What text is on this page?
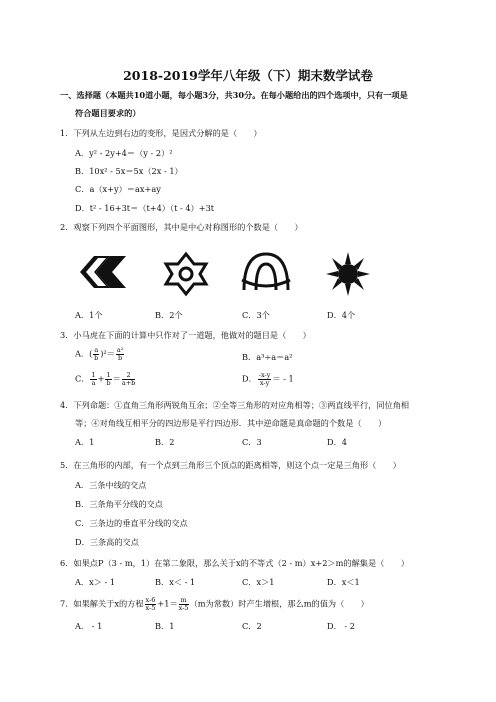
2018-2019学年八年级（下）期末数学试卷
一、选择题（本题共10道小题，每小题3分，共30分。在每小题给出的四个选项中，只有一项是
符合题目要求的）
1．下列从左边到右边的变形，是因式分解的是（　　）
A．y² - 2y+4＝（y - 2）²
B．10x² - 5x＝5x（2x - 1）
C．a（x+y）＝ax+ay
D．t² - 16+3t＝（t+4）（t - 4）+3t
2．观察下列四个平面图形，其中是中心对称图形的个数是（　　）
A．1个	B．2个	C．3个	D．4个
3．小马虎在下面的计算中只作对了一道题，他做对的题目是（　　）
A．( $\frac{a}{b} )^2= \frac{\text{a²}}{b}$	B．a³÷a＝a²
C． $\frac{1}{a} + \frac{1}{b} = \frac{2}{a+b}$	D． $\frac{-x-y}{x-y}$ ＝ - 1
4．下列命题：①直角三角形两锐角互余；②全等三角形的对应角相等；③两直线平行，同位角相
等；④对角线互相平分的四边形是平行四边形．其中逆命题是真命题的个数是（　　）
A．1	B．2	C．3	D．4
5．在三角形的内部，有一个点到三角形三个顶点的距离相等，则这个点一定是三角形（　　）
A．三条中线的交点
B．三条角平分线的交点
C．三条边的垂直平分线的交点
D．三条高的交点
6．如果点P（3 - m，1）在第二象限，那么关于x的不等式（2 - m）x+2＞m的解集是（　　）
A．x＞ - 1	B．x＜ - 1	C．x＞1	D．x＜1
7．如果解关于x的方程 $\frac{x-6}{x-5} +1= \frac{m}{x-5} (m$为常数）时产生增根，那么m的值为（　　）
A． - 1	B．1	C．2	D． - 2
